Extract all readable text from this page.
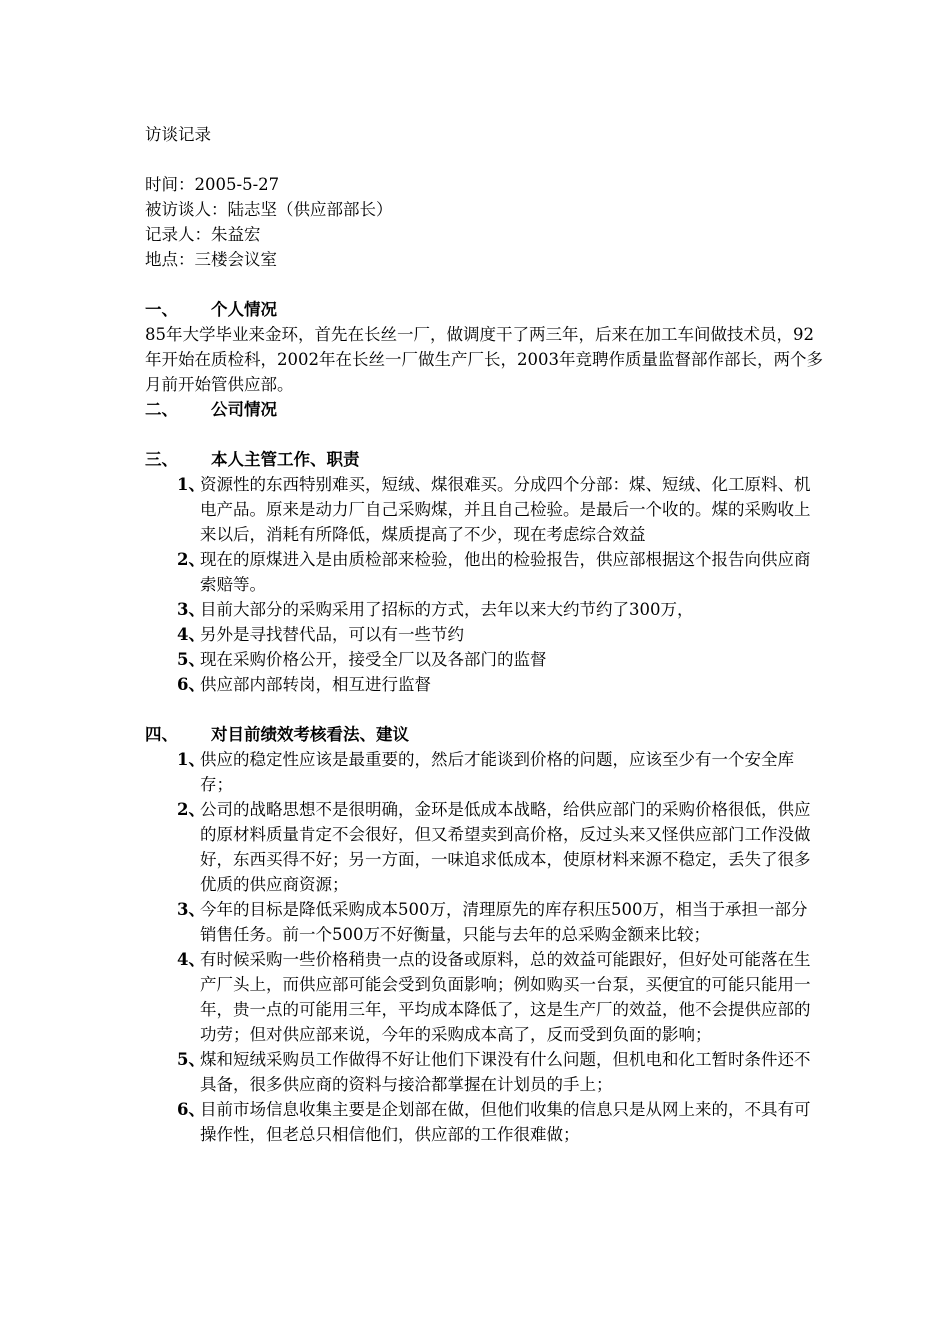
访谈记录

时间：2005-5-27

被访谈人：陆志坚（供应部部长）

记录人：朱益宏

地点：三楼会议室

一、 个人情况

85年大学毕业来金环，首先在长丝一厂，做调度干了两三年，后来在加工车间做技术员，92年开始在质检科，2002年在长丝一厂做生产厂长，2003年竞聘作质量监督部作部长，两个多月前开始管供应部。

二、 公司情况

三、 本人主管工作、职责

1、
资源性的东西特别难买，短绒、煤很难买。分成四个分部：煤、短绒、化工原料、机电产品。原来是动力厂自己采购煤，并且自己检验。是最后一个收的。煤的采购收上来以后，消耗有所降低，煤质提高了不少，现在考虑综合效益
2、
现在的原煤进入是由质检部来检验，他出的检验报告，供应部根据这个报告向供应商索赔等。
3、
目前大部分的采购采用了招标的方式，去年以来大约节约了300万，
4、
另外是寻找替代品，可以有一些节约
5、
现在采购价格公开，接受全厂以及各部门的监督
6、
供应部内部转岗，相互进行监督

四、 对目前绩效考核看法、建议

1、
供应的稳定性应该是最重要的，然后才能谈到价格的问题，应该至少有一个安全库存；
2、
公司的战略思想不是很明确，金环是低成本战略，给供应部门的采购价格很低，供应的原材料质量肯定不会很好，但又希望卖到高价格，反过头来又怪供应部门工作没做好，东西买得不好；另一方面，一味追求低成本，使原材料来源不稳定，丢失了很多优质的供应商资源；
3、
今年的目标是降低采购成本500万，清理原先的库存积压500万，相当于承担一部分销售任务。前一个500万不好衡量，只能与去年的总采购金额来比较；
4、
有时候采购一些价格稍贵一点的设备或原料，总的效益可能跟好，但好处可能落在生产厂头上，而供应部可能会受到负面影响；例如购买一台泵，买便宜的可能只能用一年，贵一点的可能用三年，平均成本降低了，这是生产厂的效益，他不会提供应部的功劳；但对供应部来说，今年的采购成本高了，反而受到负面的影响；
5、
煤和短绒采购员工作做得不好让他们下课没有什么问题，但机电和化工暂时条件还不具备，很多供应商的资料与接洽都掌握在计划员的手上；
6、
目前市场信息收集主要是企划部在做，但他们收集的信息只是从网上来的，不具有可操作性，但老总只相信他们，供应部的工作很难做；
